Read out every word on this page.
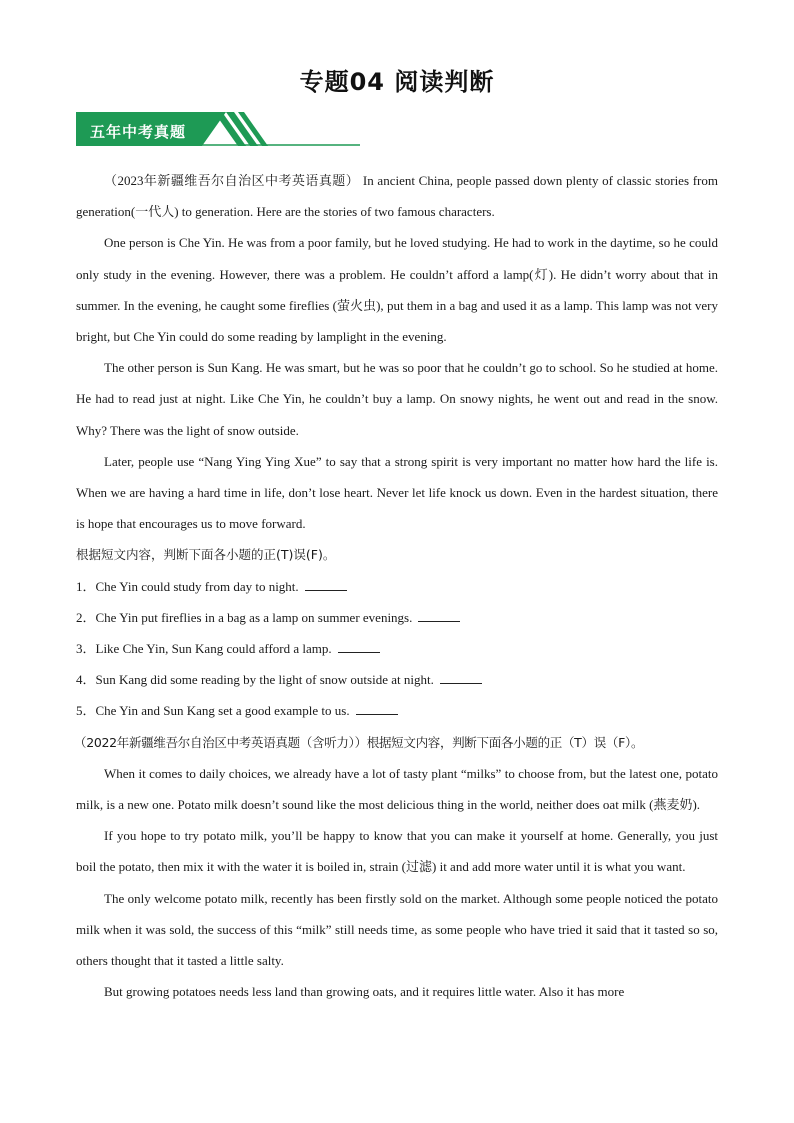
专题04 阅读判断
五年中考真题

（2023年新疆维吾尔自治区中考英语真题） In ancient China, people passed down plenty of classic stories from generation(一代人) to generation. Here are the stories of two famous characters.

One person is Che Yin. He was from a poor family, but he loved studying. He had to work in the daytime, so he could only study in the evening. However, there was a problem. He couldn’t afford a lamp(灯). He didn’t worry about that in summer. In the evening, he caught some fireflies (萤火虫), put them in a bag and used it as a lamp. This lamp was not very bright, but Che Yin could do some reading by lamplight in the evening.

The other person is Sun Kang. He was smart, but he was so poor that he couldn’t go to school. So he studied at home. He had to read just at night. Like Che Yin, he couldn’t buy a lamp. On snowy nights, he went out and read in the snow. Why? There was the light of snow outside.

Later, people use “Nang Ying Ying Xue” to say that a strong spirit is very important no matter how hard the life is. When we are having a hard time in life, don’t lose heart. Never let life knock us down. Even in the hardest situation, there is hope that encourages us to move forward.

根据短文内容，判断下面各小题的正(T)误(F)。

1．Che Yin could study from day to night.

2．Che Yin put fireflies in a bag as a lamp on summer evenings.

3．Like Che Yin, Sun Kang could afford a lamp.

4．Sun Kang did some reading by the light of snow outside at night.

5．Che Yin and Sun Kang set a good example to us.

（2022年新疆维吾尔自治区中考英语真题（含听力））根据短文内容，判断下面各小题的正（T）误（F）。

When it comes to daily choices, we already have a lot of tasty plant “milks” to choose from, but the latest one, potato milk, is a new one. Potato milk doesn’t sound like the most delicious thing in the world, neither does oat milk (燕麦奶).

If you hope to try potato milk, you’ll be happy to know that you can make it yourself at home. Generally, you just boil the potato, then mix it with the water it is boiled in, strain (过滤) it and add more water until it is what you want.

The only welcome potato milk, recently has been firstly sold on the market. Although some people noticed the potato milk when it was sold, the success of this “milk” still needs time, as some people who have tried it said that it tasted so so, others thought that it tasted a little salty.

But growing potatoes needs less land than growing oats, and it requires little water. Also it has more
